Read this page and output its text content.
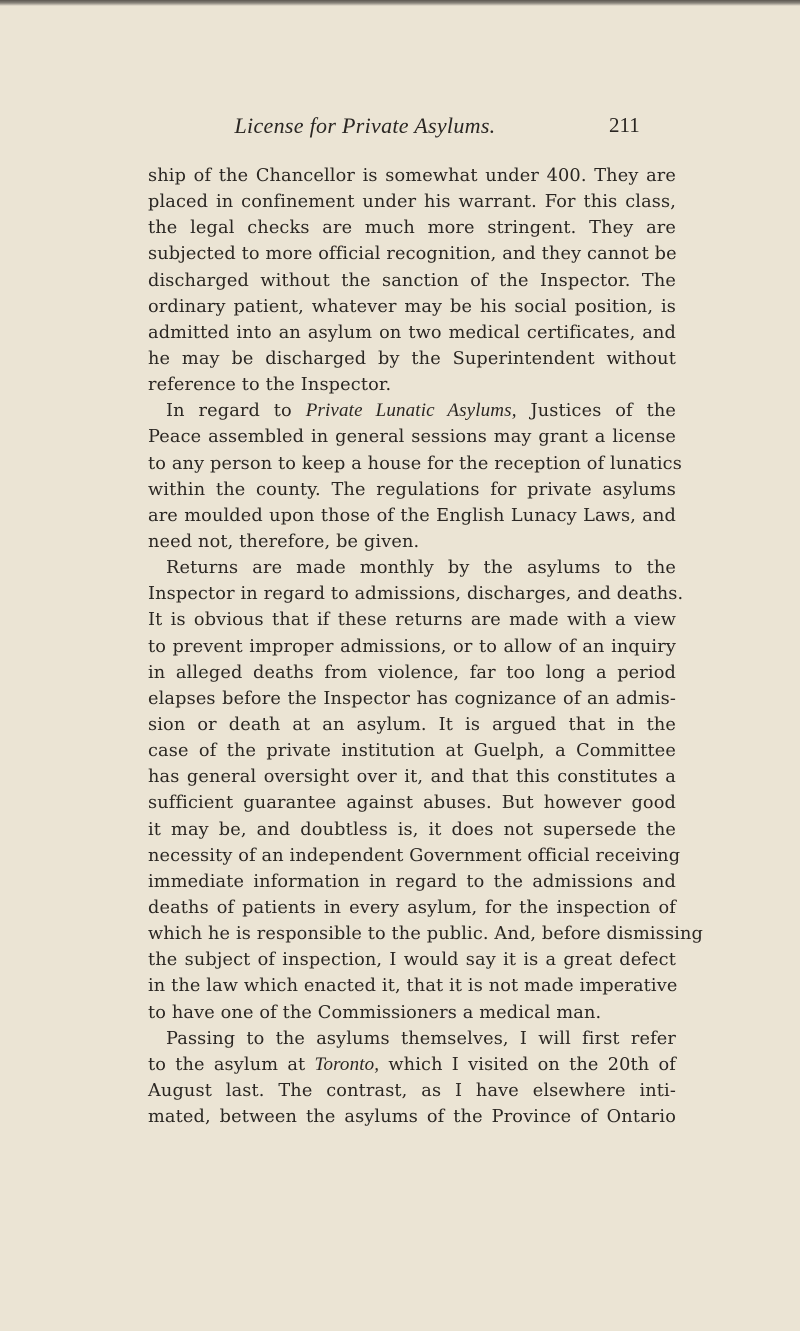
License for Private Asylums.	211
ship of the Chancellor is somewhat under 400. They are
placed in confinement under his warrant. For this class,
the legal checks are much more stringent. They are
subjected to more official recognition, and they cannot be
discharged without the sanction of the Inspector. The
ordinary patient, whatever may be his social position, is
admitted into an asylum on two medical certificates, and
he may be discharged by the Superintendent without
reference to the Inspector.
In regard to Private Lunatic Asylums, Justices of the
Peace assembled in general sessions may grant a license
to any person to keep a house for the reception of lunatics
within the county. The regulations for private asylums
are moulded upon those of the English Lunacy Laws, and
need not, therefore, be given.
Returns are made monthly by the asylums to the
Inspector in regard to admissions, discharges, and deaths.
It is obvious that if these returns are made with a view
to prevent improper admissions, or to allow of an inquiry
in alleged deaths from violence, far too long a period
elapses before the Inspector has cognizance of an admis-
sion or death at an asylum. It is argued that in the
case of the private institution at Guelph, a Committee
has general oversight over it, and that this constitutes a
sufficient guarantee against abuses. But however good
it may be, and doubtless is, it does not supersede the
necessity of an independent Government official receiving
immediate information in regard to the admissions and
deaths of patients in every asylum, for the inspection of
which he is responsible to the public. And, before dismissing
the subject of inspection, I would say it is a great defect
in the law which enacted it, that it is not made imperative
to have one of the Commissioners a medical man.
Passing to the asylums themselves, I will first refer
to the asylum at Toronto, which I visited on the 20th of
August last. The contrast, as I have elsewhere inti-
mated, between the asylums of the Province of Ontario
